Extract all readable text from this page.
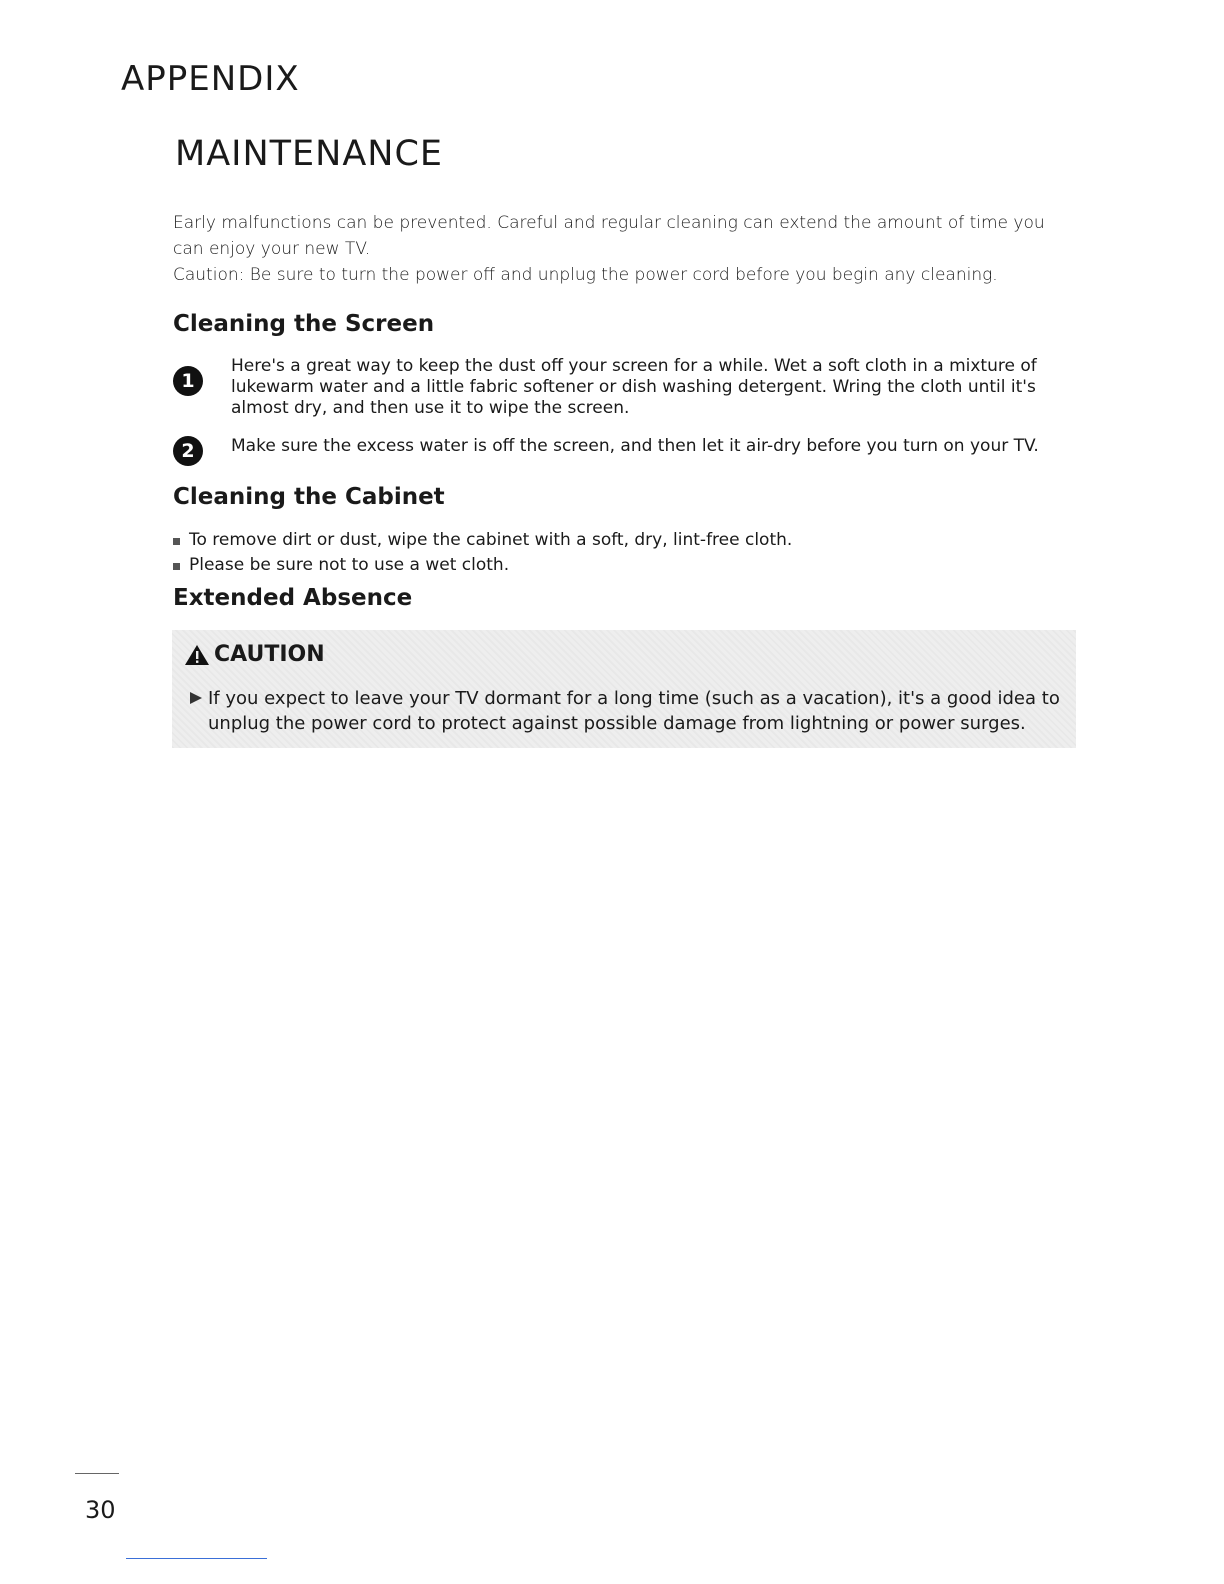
APPENDIX
MAINTENANCE

Early malfunctions can be prevented. Careful and regular cleaning can extend the amount of time you can enjoy your new TV.

Caution: Be sure to turn the power off and unplug the power cord before you begin any cleaning.

Cleaning the Screen
1

Here's a great way to keep the dust off your screen for a while. Wet a soft cloth in a mixture of lukewarm water and a little fabric softener or dish washing detergent. Wring the cloth until it's almost dry, and then use it to wipe the screen.

2	Make sure the excess water is off the screen, and then let it air-dry before you turn on your TV.

Cleaning the Cabinet
To remove dirt or dust, wipe the cabinet with a soft, dry, lint-free cloth.
Please be sure not to use a wet cloth.
Extended Absence
CAUTION

If you expect to leave your TV dormant for a long time (such as a vacation), it's a good idea to unplug the power cord to protect against possible damage from lightning or power surges.

30
